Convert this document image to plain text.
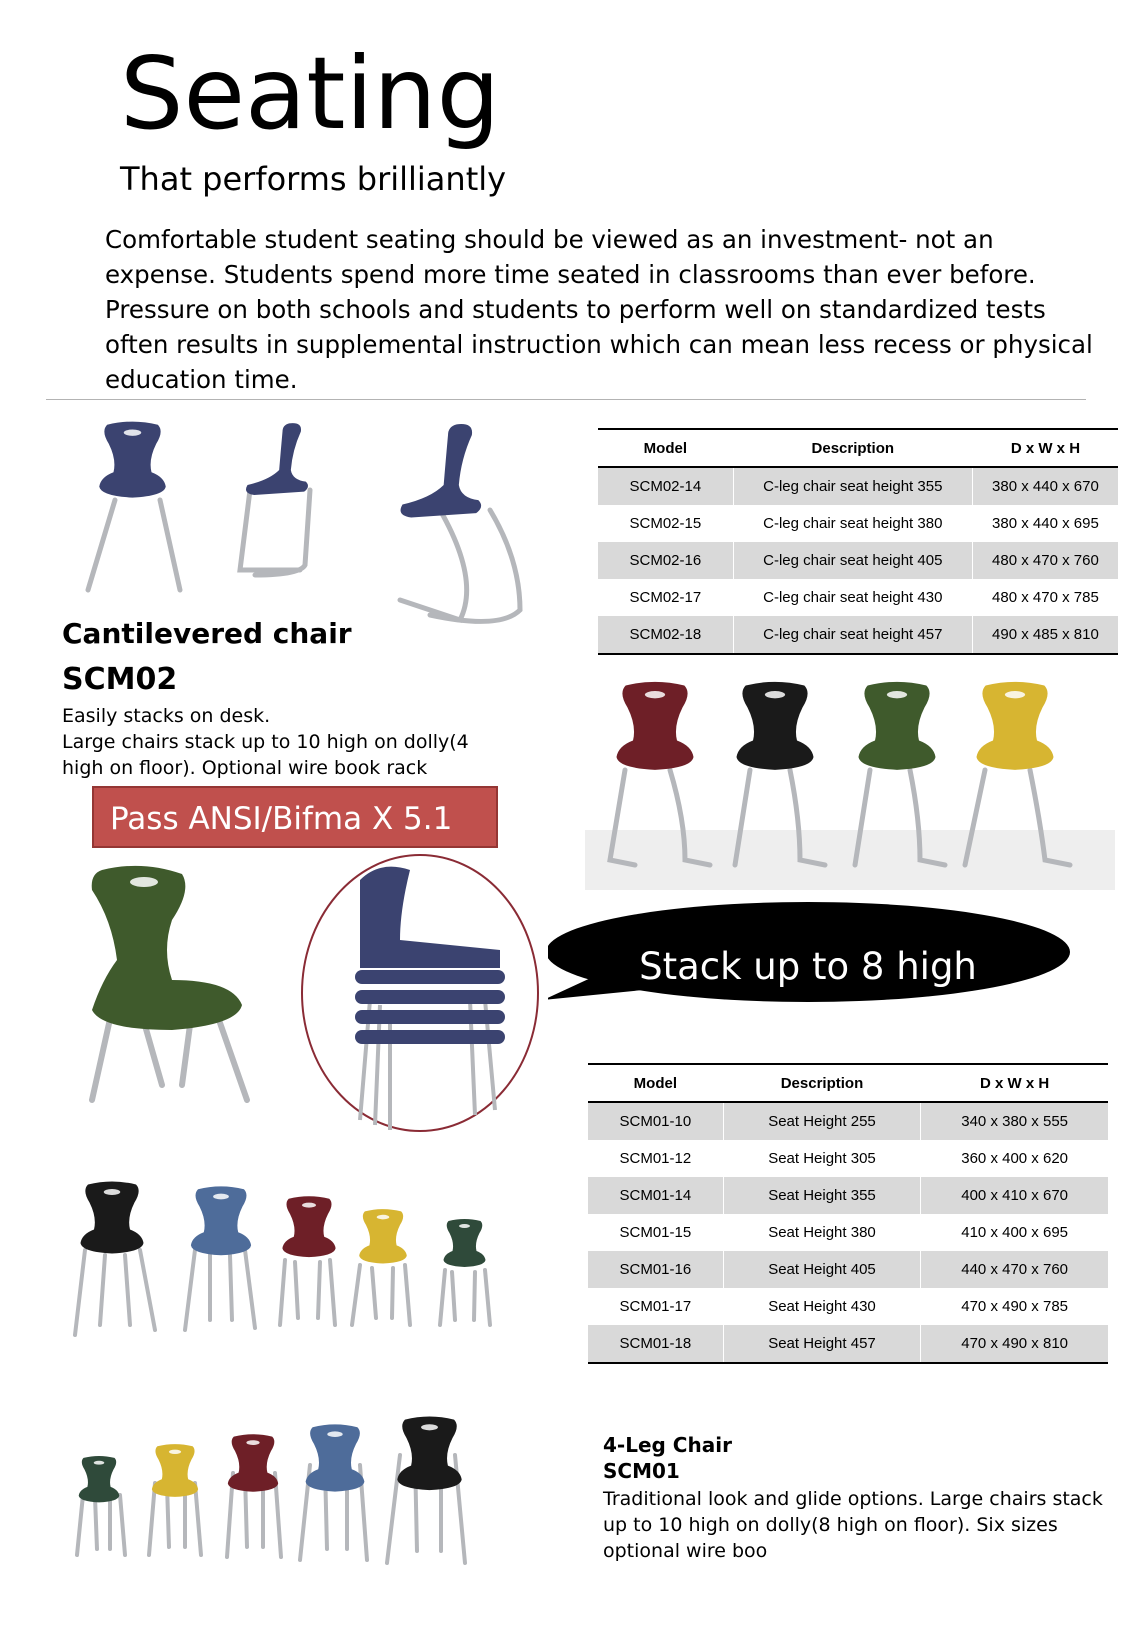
Seating
That performs brilliantly

Comfortable student seating should be viewed as an investment- not an expense. Students spend more time seated in classrooms than ever before. Pressure on both schools and students to perform well on standardized tests often results in supplemental instruction which can mean less recess or physical education time.

Model	Description	D x W x H
SCM02-14	C-leg chair seat height 355	380 x 440 x 670
SCM02-15	C-leg chair seat height 380	380 x 440 x 695
SCM02-16	C-leg chair seat height 405	480 x 470 x 760
SCM02-17	C-leg chair seat height 430	480 x 470 x 785
SCM02-18	C-leg chair seat height 457	490 x 485 x 810
Cantilevered chair
SCM02
Easily stacks on desk.
Large chairs stack up to 10 high on dolly(4 high on floor). Optional wire book rack
Pass ANSI/Bifma X 5.1
Stack up to 8 high
Model	Description	D x W x H
SCM01-10	Seat Height 255	340 x 380 x 555
SCM01-12	Seat Height 305	360 x 400 x 620
SCM01-14	Seat Height 355	400 x 410 x 670
SCM01-15	Seat Height 380	410 x 400 x 695
SCM01-16	Seat Height 405	440 x 470 x 760
SCM01-17	Seat Height 430	470 x 490 x 785
SCM01-18	Seat Height 457	470 x 490 x 810
4-Leg Chair
SCM01
Traditional look and glide options. Large chairs stack up to 10 high on dolly(8 high on floor). Six sizes optional wire boo
